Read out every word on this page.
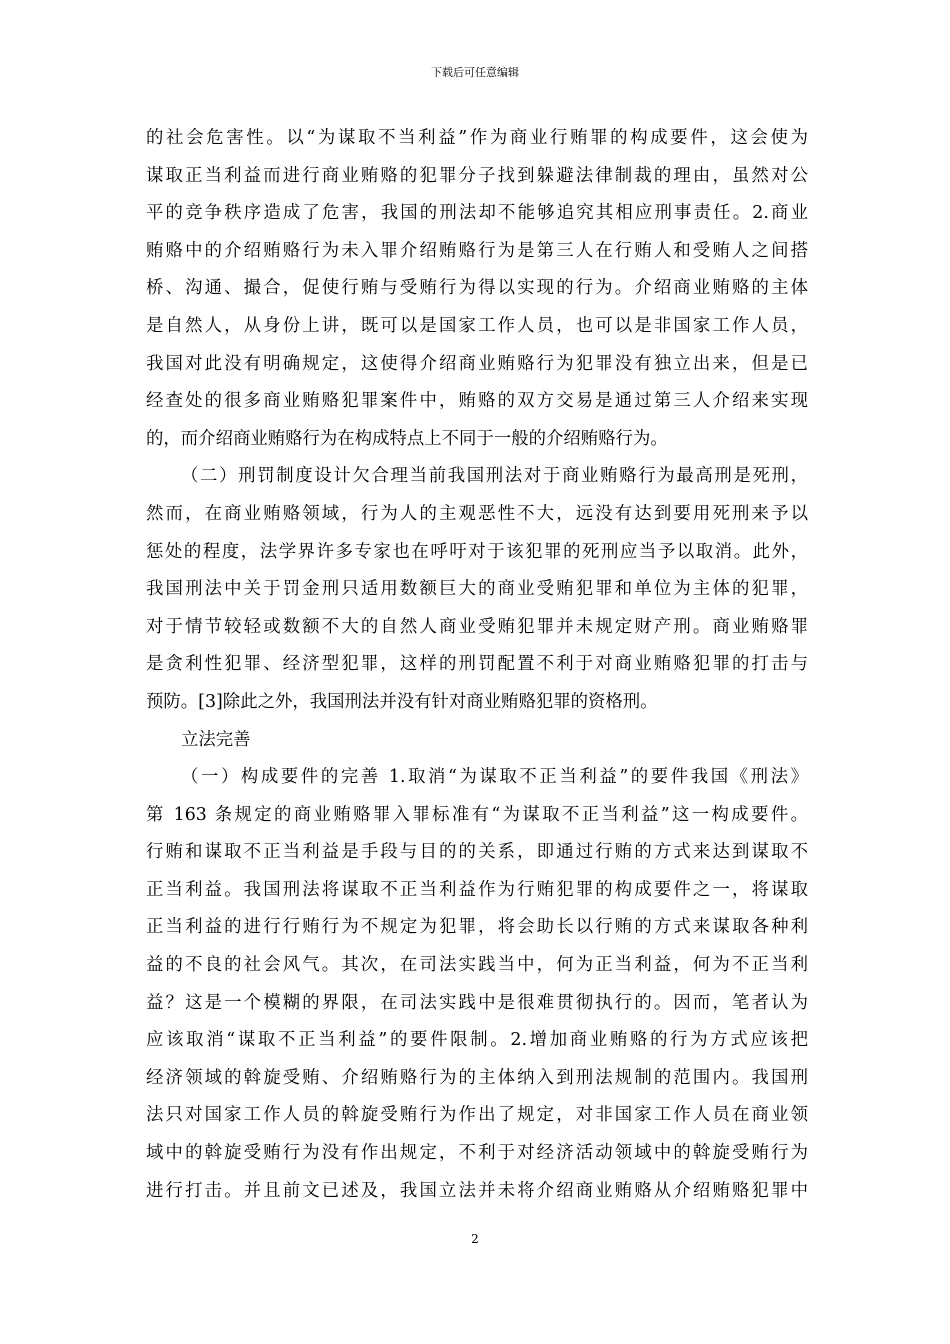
下载后可任意编辑
的社会危害性。以“为谋取不当利益”作为商业行贿罪的构成要件，这会使为
谋取正当利益而进行商业贿赂的犯罪分子找到躲避法律制裁的理由，虽然对公
平的竞争秩序造成了危害，我国的刑法却不能够追究其相应刑事责任。2.商业
贿赂中的介绍贿赂行为未入罪介绍贿赂行为是第三人在行贿人和受贿人之间搭
桥、沟通、撮合，促使行贿与受贿行为得以实现的行为。介绍商业贿赂的主体
是自然人，从身份上讲，既可以是国家工作人员，也可以是非国家工作人员，
我国对此没有明确规定，这使得介绍商业贿赂行为犯罪没有独立出来，但是已
经查处的很多商业贿赂犯罪案件中，贿赂的双方交易是通过第三人介绍来实现
的，而介绍商业贿赂行为在构成特点上不同于一般的介绍贿赂行为。
（二）刑罚制度设计欠合理当前我国刑法对于商业贿赂行为最高刑是死刑，
然而，在商业贿赂领域，行为人的主观恶性不大，远没有达到要用死刑来予以
惩处的程度，法学界许多专家也在呼吁对于该犯罪的死刑应当予以取消。此外，
我国刑法中关于罚金刑只适用数额巨大的商业受贿犯罪和单位为主体的犯罪，
对于情节较轻或数额不大的自然人商业受贿犯罪并未规定财产刑。商业贿赂罪
是贪利性犯罪、经济型犯罪，这样的刑罚配置不利于对商业贿赂犯罪的打击与
预防。[3]除此之外，我国刑法并没有针对商业贿赂犯罪的资格刑。
立法完善
（一）构成要件的完善 1.取消“为谋取不正当利益”的要件我国《刑法》
第 163 条规定的商业贿赂罪入罪标准有“为谋取不正当利益”这一构成要件。
行贿和谋取不正当利益是手段与目的的关系，即通过行贿的方式来达到谋取不
正当利益。我国刑法将谋取不正当利益作为行贿犯罪的构成要件之一，将谋取
正当利益的进行行贿行为不规定为犯罪，将会助长以行贿的方式来谋取各种利
益的不良的社会风气。其次，在司法实践当中，何为正当利益，何为不正当利
益？这是一个模糊的界限，在司法实践中是很难贯彻执行的。因而，笔者认为
应该取消“谋取不正当利益”的要件限制。2.增加商业贿赂的行为方式应该把
经济领域的斡旋受贿、介绍贿赂行为的主体纳入到刑法规制的范围内。我国刑
法只对国家工作人员的斡旋受贿行为作出了规定，对非国家工作人员在商业领
域中的斡旋受贿行为没有作出规定，不利于对经济活动领域中的斡旋受贿行为
进行打击。并且前文已述及，我国立法并未将介绍商业贿赂从介绍贿赂犯罪中
2
